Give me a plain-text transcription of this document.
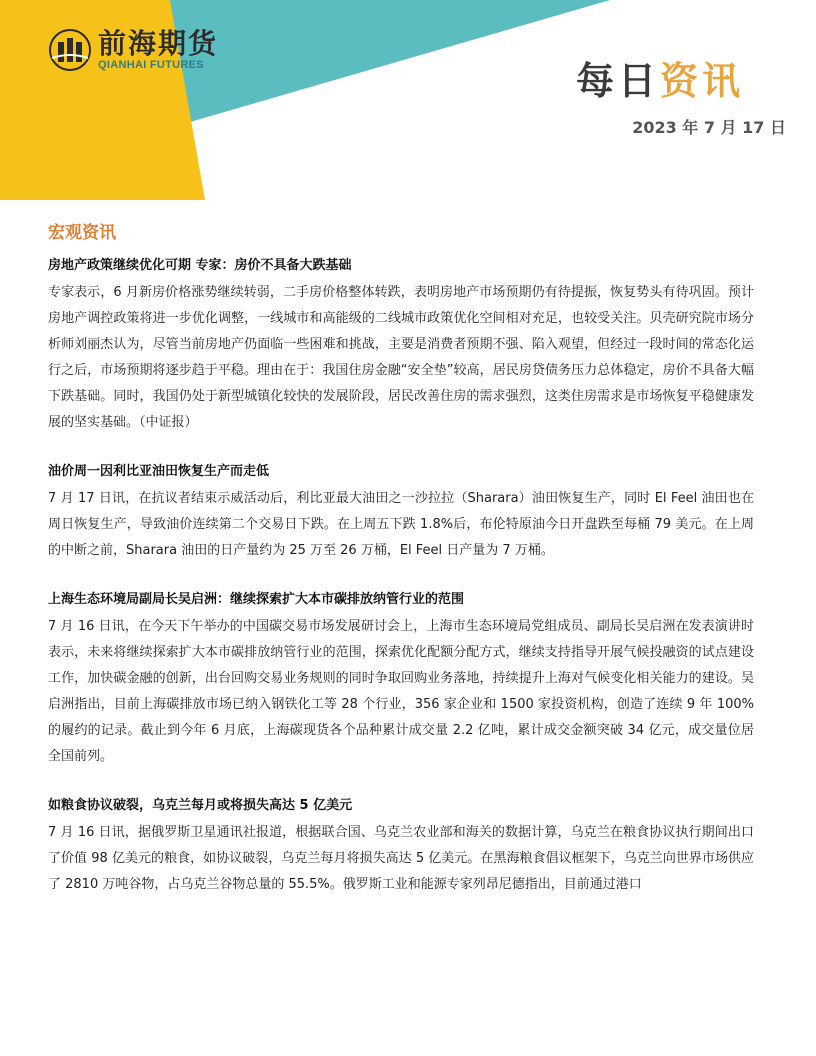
前海期货
QIANHAI FUTURES	每日资讯
2023 年 7 月 17 日
宏观资讯
房地产政策继续优化可期 专家：房价不具备大跌基础
专家表示，6 月新房价格涨势继续转弱，二手房价格整体转跌，表明房地产市场预期仍有待提振，恢复势头有待巩固。预计房地产调控政策将进一步优化调整，一线城市和高能级的二线城市政策优化空间相对充足，也较受关注。贝壳研究院市场分析师刘丽杰认为，尽管当前房地产仍面临一些困难和挑战，主要是消费者预期不强、陷入观望，但经过一段时间的常态化运行之后，市场预期将逐步趋于平稳。理由在于：我国住房金融“安全垫”较高，居民房贷债务压力总体稳定，房价不具备大幅下跌基础。同时，我国仍处于新型城镇化较快的发展阶段，居民改善住房的需求强烈，这类住房需求是市场恢复平稳健康发展的坚实基础。（中证报）
油价周一因利比亚油田恢复生产而走低
7 月 17 日讯，在抗议者结束示威活动后，利比亚最大油田之一沙拉拉（Sharara）油田恢复生产，同时 El Feel 油田也在周日恢复生产，导致油价连续第二个交易日下跌。在上周五下跌 1.8%后，布伦特原油今日开盘跌至每桶 79 美元。在上周的中断之前，Sharara 油田的日产量约为 25 万至 26 万桶，El Feel 日产量为 7 万桶。
上海生态环境局副局长吴启洲：继续探索扩大本市碳排放纳管行业的范围
7 月 16 日讯，在今天下午举办的中国碳交易市场发展研讨会上，上海市生态环境局党组成员、副局长吴启洲在发表演讲时表示，未来将继续探索扩大本市碳排放纳管行业的范围，探索优化配额分配方式，继续支持指导开展气候投融资的试点建设工作，加快碳金融的创新，出台回购交易业务规则的同时争取回购业务落地，持续提升上海对气候变化相关能力的建设。吴启洲指出，目前上海碳排放市场已纳入钢铁化工等 28 个行业，356 家企业和 1500 家投资机构，创造了连续 9 年 100%的履约的记录。截止到今年 6 月底，上海碳现货各个品种累计成交量 2.2 亿吨，累计成交金额突破 34 亿元，成交量位居全国前列。
如粮食协议破裂，乌克兰每月或将损失高达 5 亿美元
7 月 16 日讯，据俄罗斯卫星通讯社报道，根据联合国、乌克兰农业部和海关的数据计算，乌克兰在粮食协议执行期间出口了价值 98 亿美元的粮食，如协议破裂，乌克兰每月将损失高达 5 亿美元。在黑海粮食倡议框架下，乌克兰向世界市场供应了 2810 万吨谷物，占乌克兰谷物总量的 55.5%。俄罗斯工业和能源专家列昂尼德指出，目前通过港口
